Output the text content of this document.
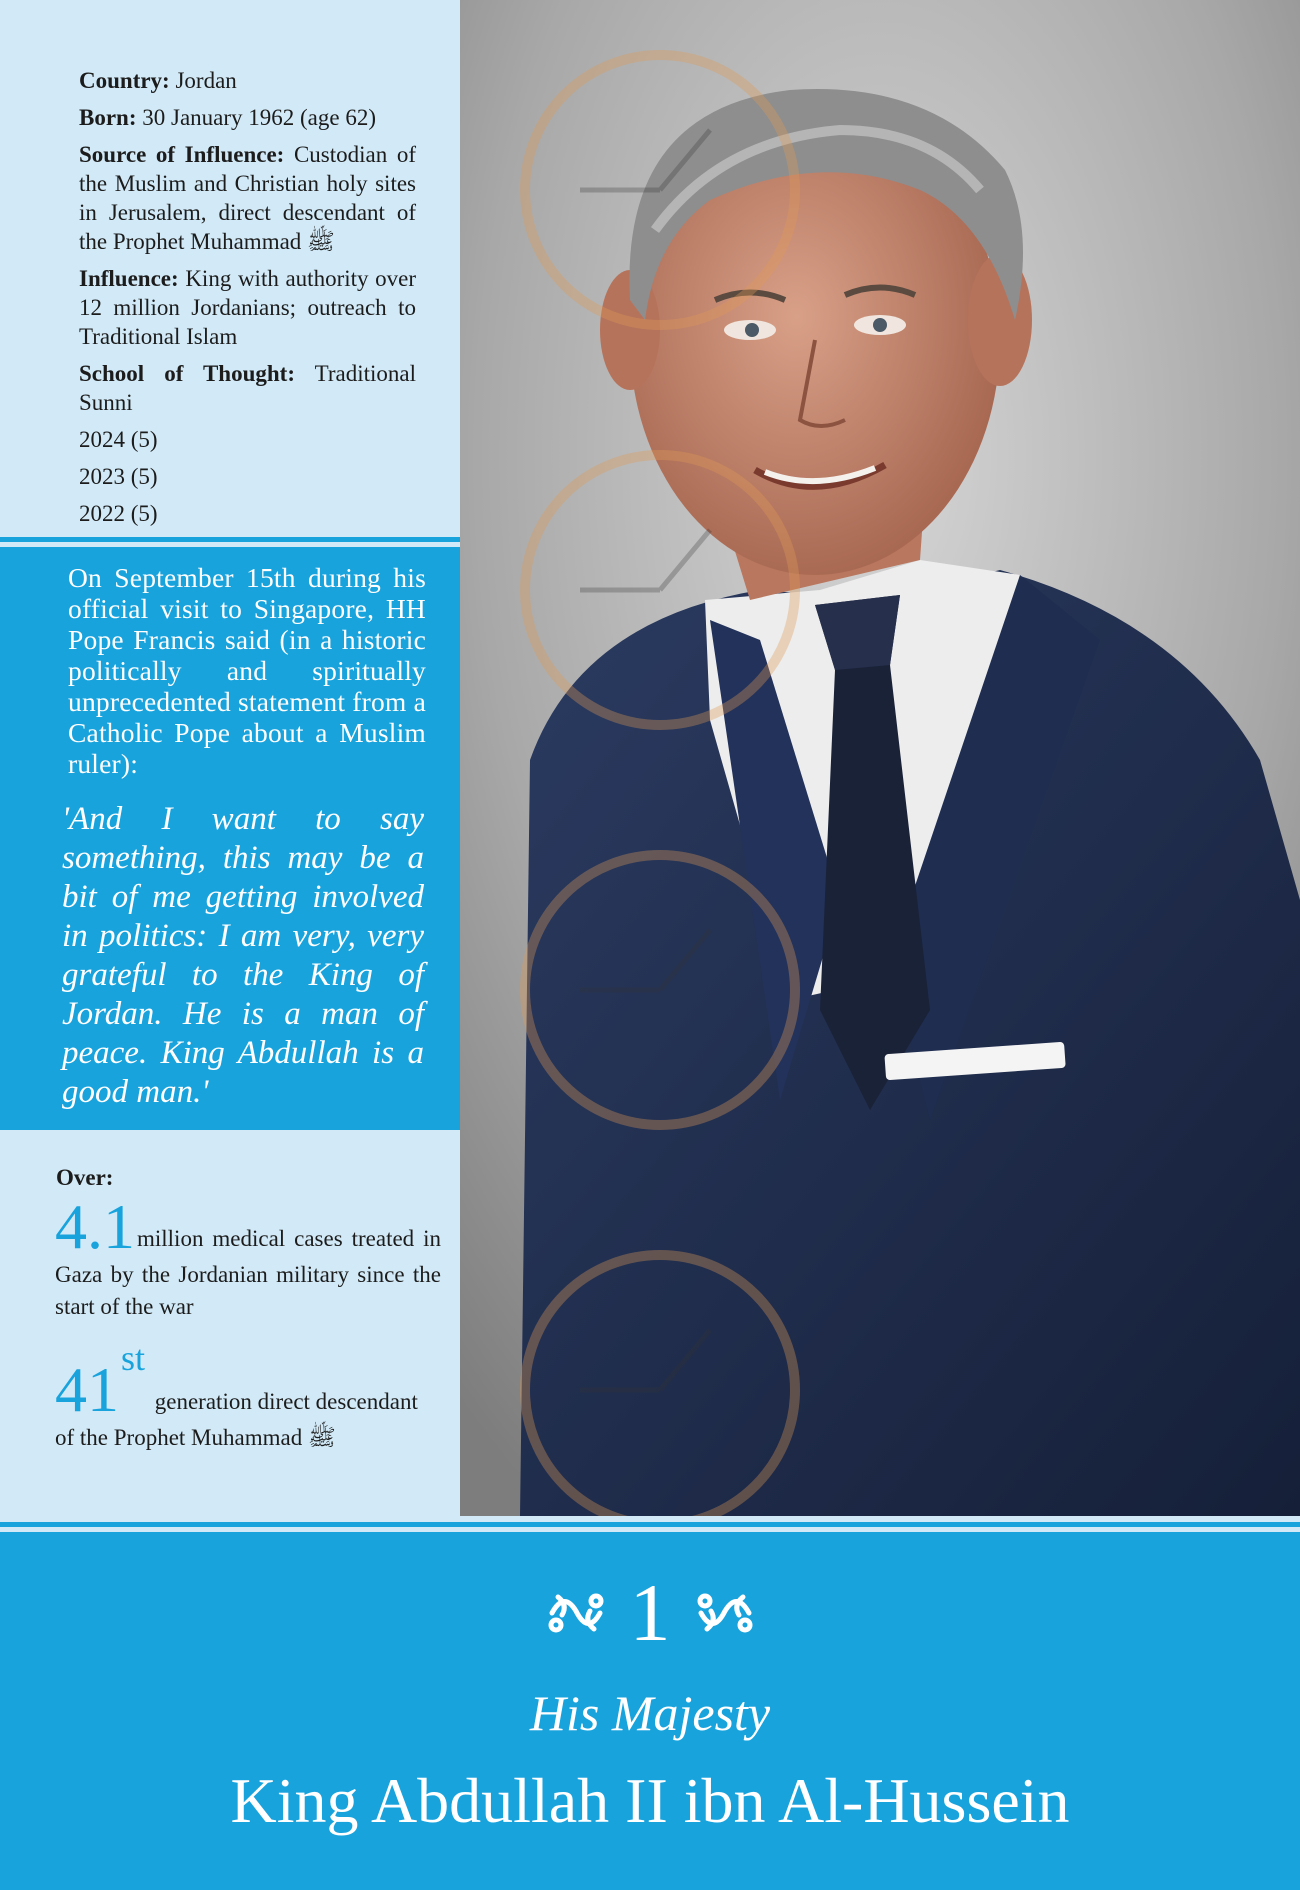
Country: Jordan

Born: 30 January 1962 (age 62)

Source of Influence: Custodian of the Muslim and Christian holy sites in Jerusalem, direct descendant of the Prophet Muhammad ﷺ

Influence: King with authority over 12 million Jordanians; outreach to Traditional Islam

School of Thought: Traditional Sunni

2024 (5)

2023 (5)

2022 (5)

On September 15th during his official visit to Singapore, HH Pope Francis said (in a historic politically and spiritually unprecedented statement from a Catholic Pope about a Muslim ruler):
'And I want to say something, this may be a bit of me getting involved in politics: I am very, very grateful to the King of Jordan. He is a man of peace. King Abdullah is a good man.'
Over:
4.1million medical cases treated in Gaza by the Jordanian military since the start of the war
41st generation direct descendant of the Prophet Muhammad ﷺ
1
His Majesty
King Abdullah II ibn Al-Hussein
